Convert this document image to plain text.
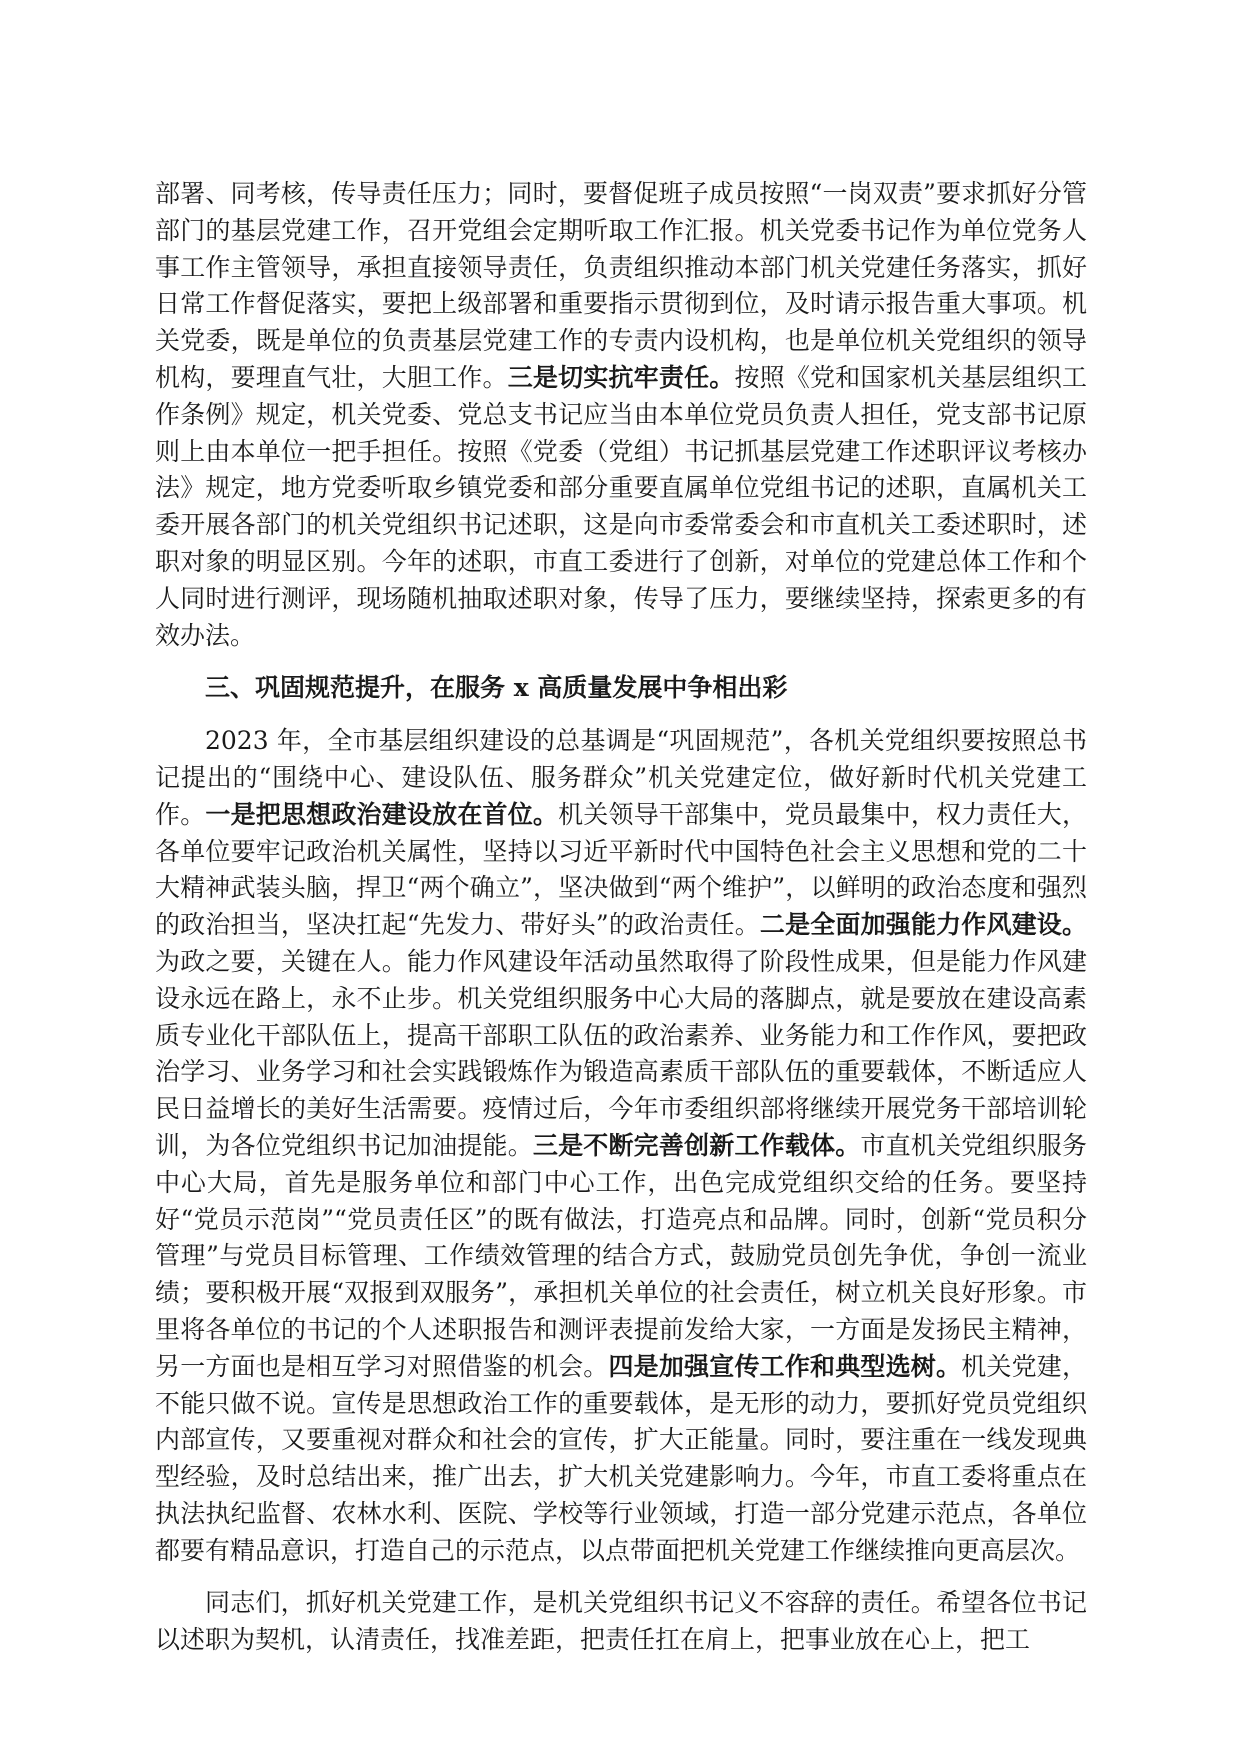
部署、同考核，传导责任压力；同时，要督促班子成员按照“一岗双责”要求抓好分管部门的基层党建工作，召开党组会定期听取工作汇报。机关党委书记作为单位党务人事工作主管领导，承担直接领导责任，负责组织推动本部门机关党建任务落实，抓好日常工作督促落实，要把上级部署和重要指示贯彻到位，及时请示报告重大事项。机关党委，既是单位的负责基层党建工作的专责内设机构，也是单位机关党组织的领导机构，要理直气壮，大胆工作。三是切实抗牢责任。按照《党和国家机关基层组织工作条例》规定，机关党委、党总支书记应当由本单位党员负责人担任，党支部书记原则上由本单位一把手担任。按照《党委（党组）书记抓基层党建工作述职评议考核办法》规定，地方党委听取乡镇党委和部分重要直属单位党组书记的述职，直属机关工委开展各部门的机关党组织书记述职，这是向市委常委会和市直机关工委述职时，述职对象的明显区别。今年的述职，市直工委进行了创新，对单位的党建总体工作和个人同时进行测评，现场随机抽取述职对象，传导了压力，要继续坚持，探索更多的有效办法。

三、巩固规范提升，在服务 x 高质量发展中争相出彩

2023 年，全市基层组织建设的总基调是“巩固规范”，各机关党组织要按照总书记提出的“围绕中心、建设队伍、服务群众”机关党建定位，做好新时代机关党建工作。一是把思想政治建设放在首位。机关领导干部集中，党员最集中，权力责任大，各单位要牢记政治机关属性，坚持以习近平新时代中国特色社会主义思想和党的二十大精神武装头脑，捍卫“两个确立”，坚决做到“两个维护”，以鲜明的政治态度和强烈的政治担当，坚决扛起“先发力、带好头”的政治责任。二是全面加强能力作风建设。为政之要，关键在人。能力作风建设年活动虽然取得了阶段性成果，但是能力作风建设永远在路上，永不止步。机关党组织服务中心大局的落脚点，就是要放在建设高素质专业化干部队伍上，提高干部职工队伍的政治素养、业务能力和工作作风，要把政治学习、业务学习和社会实践锻炼作为锻造高素质干部队伍的重要载体，不断适应人民日益增长的美好生活需要。疫情过后，今年市委组织部将继续开展党务干部培训轮训，为各位党组织书记加油提能。三是不断完善创新工作载体。市直机关党组织服务中心大局，首先是服务单位和部门中心工作，出色完成党组织交给的任务。要坚持好“党员示范岗”“党员责任区”的既有做法，打造亮点和品牌。同时，创新“党员积分管理”与党员目标管理、工作绩效管理的结合方式，鼓励党员创先争优，争创一流业绩；要积极开展“双报到双服务”，承担机关单位的社会责任，树立机关良好形象。市里将各单位的书记的个人述职报告和测评表提前发给大家，一方面是发扬民主精神，另一方面也是相互学习对照借鉴的机会。四是加强宣传工作和典型选树。机关党建，不能只做不说。宣传是思想政治工作的重要载体，是无形的动力，要抓好党员党组织内部宣传，又要重视对群众和社会的宣传，扩大正能量。同时，要注重在一线发现典型经验，及时总结出来，推广出去，扩大机关党建影响力。今年，市直工委将重点在执法执纪监督、农林水利、医院、学校等行业领域，打造一部分党建示范点，各单位都要有精品意识，打造自己的示范点，以点带面把机关党建工作继续推向更高层次。

同志们，抓好机关党建工作，是机关党组织书记义不容辞的责任。希望各位书记以述职为契机，认清责任，找准差距，把责任扛在肩上，把事业放在心上，把工
